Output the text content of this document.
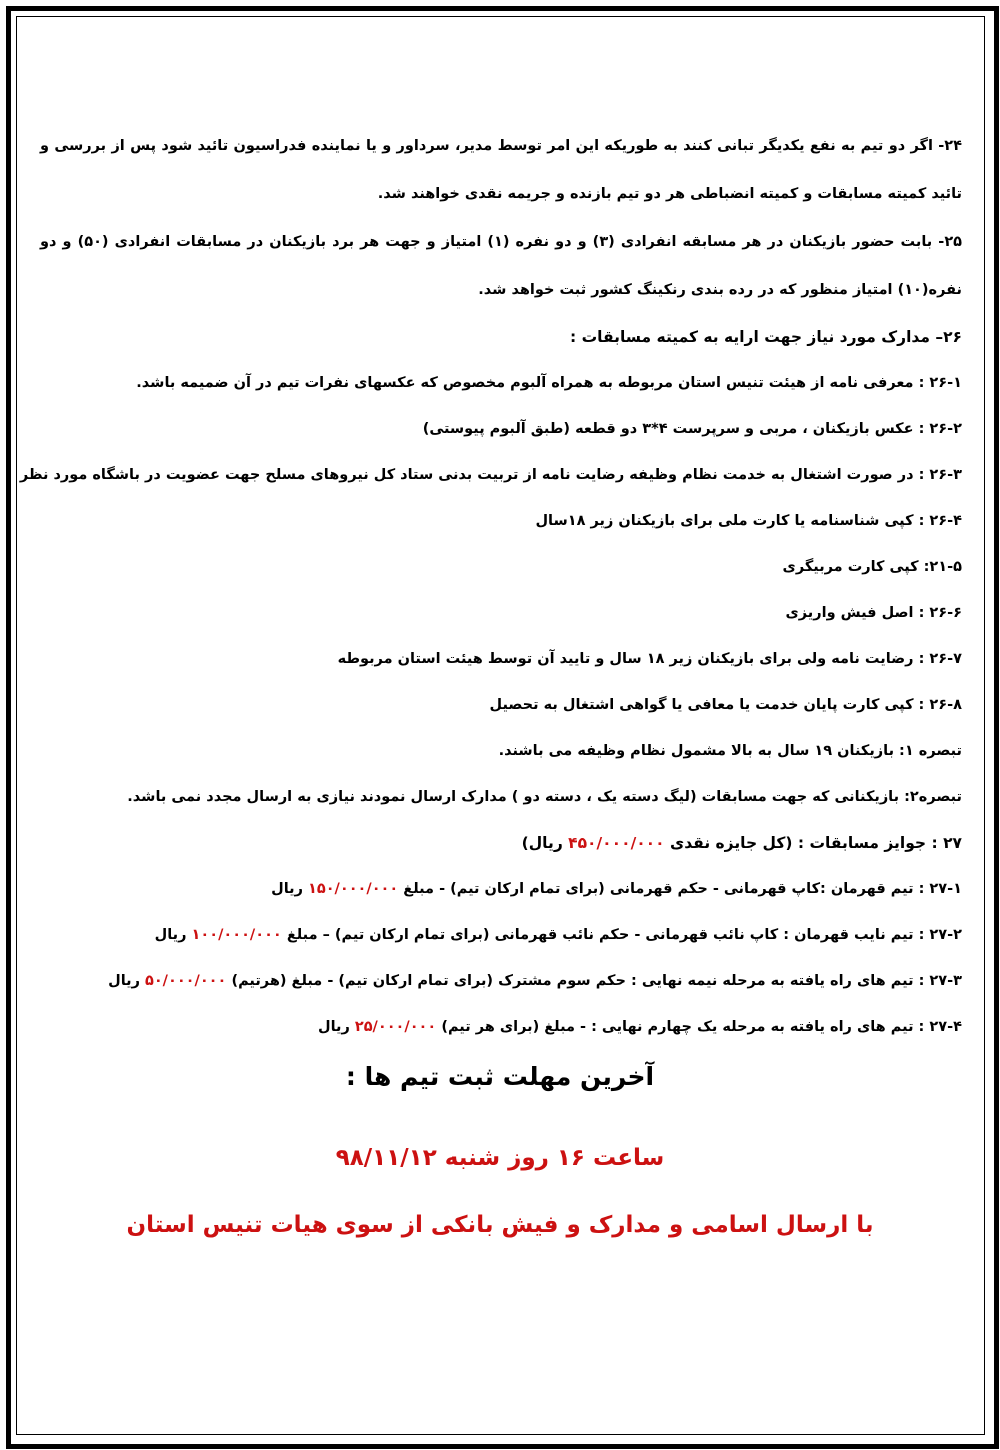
۲۴- اگر دو تیم به نفع یکدیگر تبانی کنند به طوریکه این امر توسط مدیر، سرداور و یا نماینده فدراسیون تائید شود پس از بررسی و تائید کمیته مسابقات و کمیته انضباطی هر دو تیم بازنده و جریمه نقدی خواهند شد.

۲۵- بابت حضور بازیکنان در هر مسابقه انفرادی (۳) و دو نفره (۱) امتیاز و جهت هر برد بازیکنان در مسابقات انفرادی (۵۰) و دو نفره(۱۰) امتیاز منظور که در رده بندی رنکینگ کشور ثبت خواهد شد.

۲۶– مدارک مورد نیاز جهت ارایه به کمیته مسابقات :
۲۶-۱ : معرفی نامه از هیئت تنیس استان مربوطه به همراه آلبوم مخصوص که عکسهای نفرات تیم در آن ضمیمه باشد.
۲۶-۲ : عکس بازیکنان ، مربی و سرپرست ۴*۳ دو قطعه (طبق آلبوم پیوستی)
۲۶-۳ : در صورت اشتغال به خدمت نظام وظیفه رضایت نامه از تربیت بدنی ستاد کل نیروهای مسلح جهت عضویت در باشگاه مورد نظر
۲۶-۴ : کپی شناسنامه یا کارت ملی برای بازیکنان زیر ۱۸سال
۲۱-۵: کپی کارت مربیگری
۲۶-۶ : اصل فیش واریزی
۲۶-۷ : رضایت نامه ولی برای بازیکنان زیر ۱۸ سال و تایید آن توسط هیئت استان مربوطه
۲۶-۸ : کپی کارت پایان خدمت یا معافی یا گواهی اشتغال به تحصیل
تبصره ۱: بازیکنان ۱۹ سال به بالا مشمول نظام وظیفه می باشند.
تبصره۲: بازیکنانی که جهت مسابقات (لیگ دسته یک ، دسته دو ) مدارک ارسال نمودند نیازی به ارسال مجدد نمی باشد.
۲۷ : جوایز مسابقات : (کل جایزه نقدی ۴۵۰/۰۰۰/۰۰۰ ریال)
۲۷-۱ : تیم قهرمان :کاپ قهرمانی - حکم قهرمانی (برای تمام ارکان تیم) - مبلغ ۱۵۰/۰۰۰/۰۰۰ ریال
۲۷-۲ : تیم نایب قهرمان : کاپ نائب قهرمانی - حکم نائب قهرمانی (برای تمام ارکان تیم) – مبلغ ۱۰۰/۰۰۰/۰۰۰ ریال
۲۷-۳ : تیم های راه یافته به مرحله نیمه نهایی : حکم سوم مشترک (برای تمام ارکان تیم) - مبلغ (هرتیم) ۵۰/۰۰۰/۰۰۰ ریال
۲۷-۴ : تیم های راه یافته به مرحله یک چهارم نهایی : - مبلغ (برای هر تیم) ۲۵/۰۰۰/۰۰۰ ریال
آخرین مهلت ثبت تیم ها :
ساعت ۱۶ روز شنبه ۹۸/۱۱/۱۲
با ارسال اسامی و مدارک و فیش بانکی از سوی هیات تنیس استان
